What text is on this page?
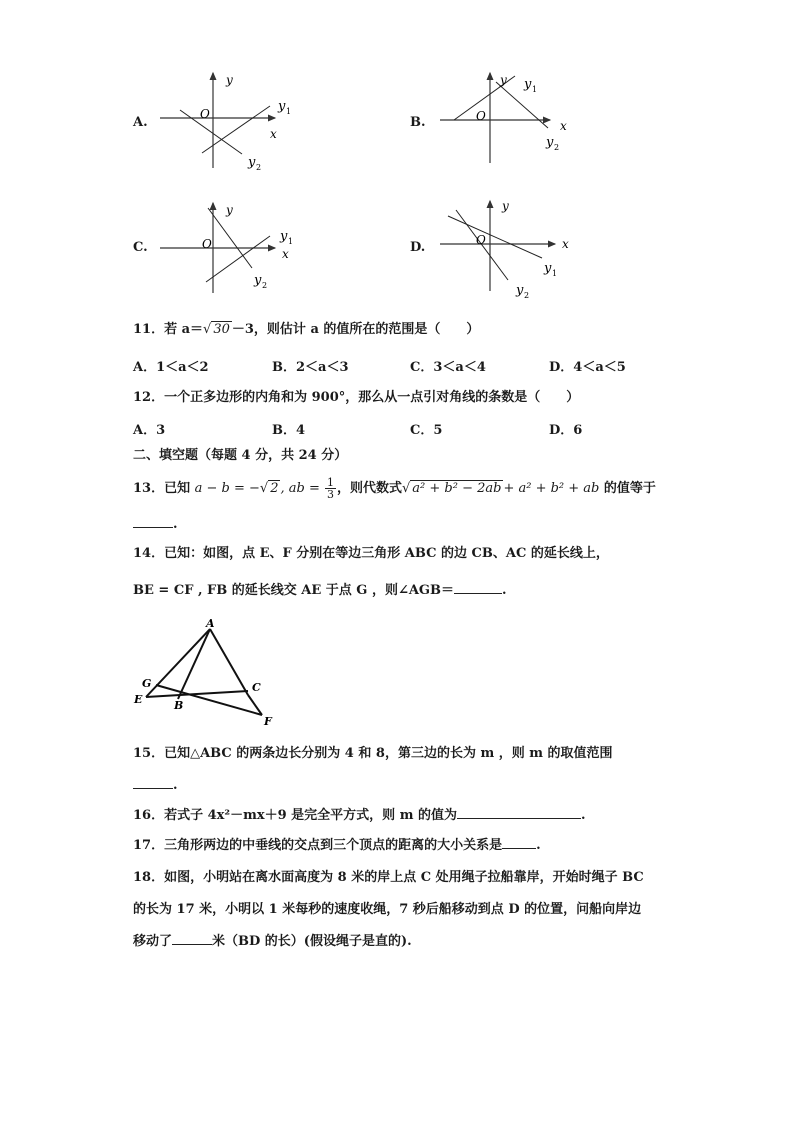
A.
y
O
x
y 1
y 2
B.
y
O
x
y 1
y 2
C.
y
O
x
y 1
y 2
D.
y
O	x
y 1
y 2
11．若 a＝√ 30 －3，则估计 a 的值所在的范围是（　　）
A．1＜a＜2	B．2＜a＜3	C．3＜a＜4	D．4＜a＜5
12．一个正多边形的内角和为 900°，那么从一点引对角线的条数是（　　）
A．3	B．4	C．5	D．6
二、填空题（每题 4 分，共 24 分）
13．已知 a − b = −√ 2 , ab = $\frac{1}{3}$ ，则代数式√ a² + b² − 2ab + a² + b² + ab 的值等于
.
14．已知：如图，点 E、F 分别在等边三角形 ABC 的边 CB、AC 的延长线上，
BE = CF , FB 的延长线交 AE 于点 G ，则∠AGB＝	.
A
G	C
E	B
F
15．已知△ABC 的两条边长分别为 4 和 8，第三边的长为 m ，则 m 的取值范围
.
16．若式子 4x²－mx＋9 是完全平方式，则 m 的值为	.
17．三角形两边的中垂线的交点到三个顶点的距离的大小关系是	.
18．如图，小明站在离水面高度为 8 米的岸上点 C 处用绳子拉船靠岸，开始时绳子 BC
的长为 17 米，小明以 1 米每秒的速度收绳，7 秒后船移动到点 D 的位置，问船向岸边
移动了	米（BD 的长）(假设绳子是直的).
